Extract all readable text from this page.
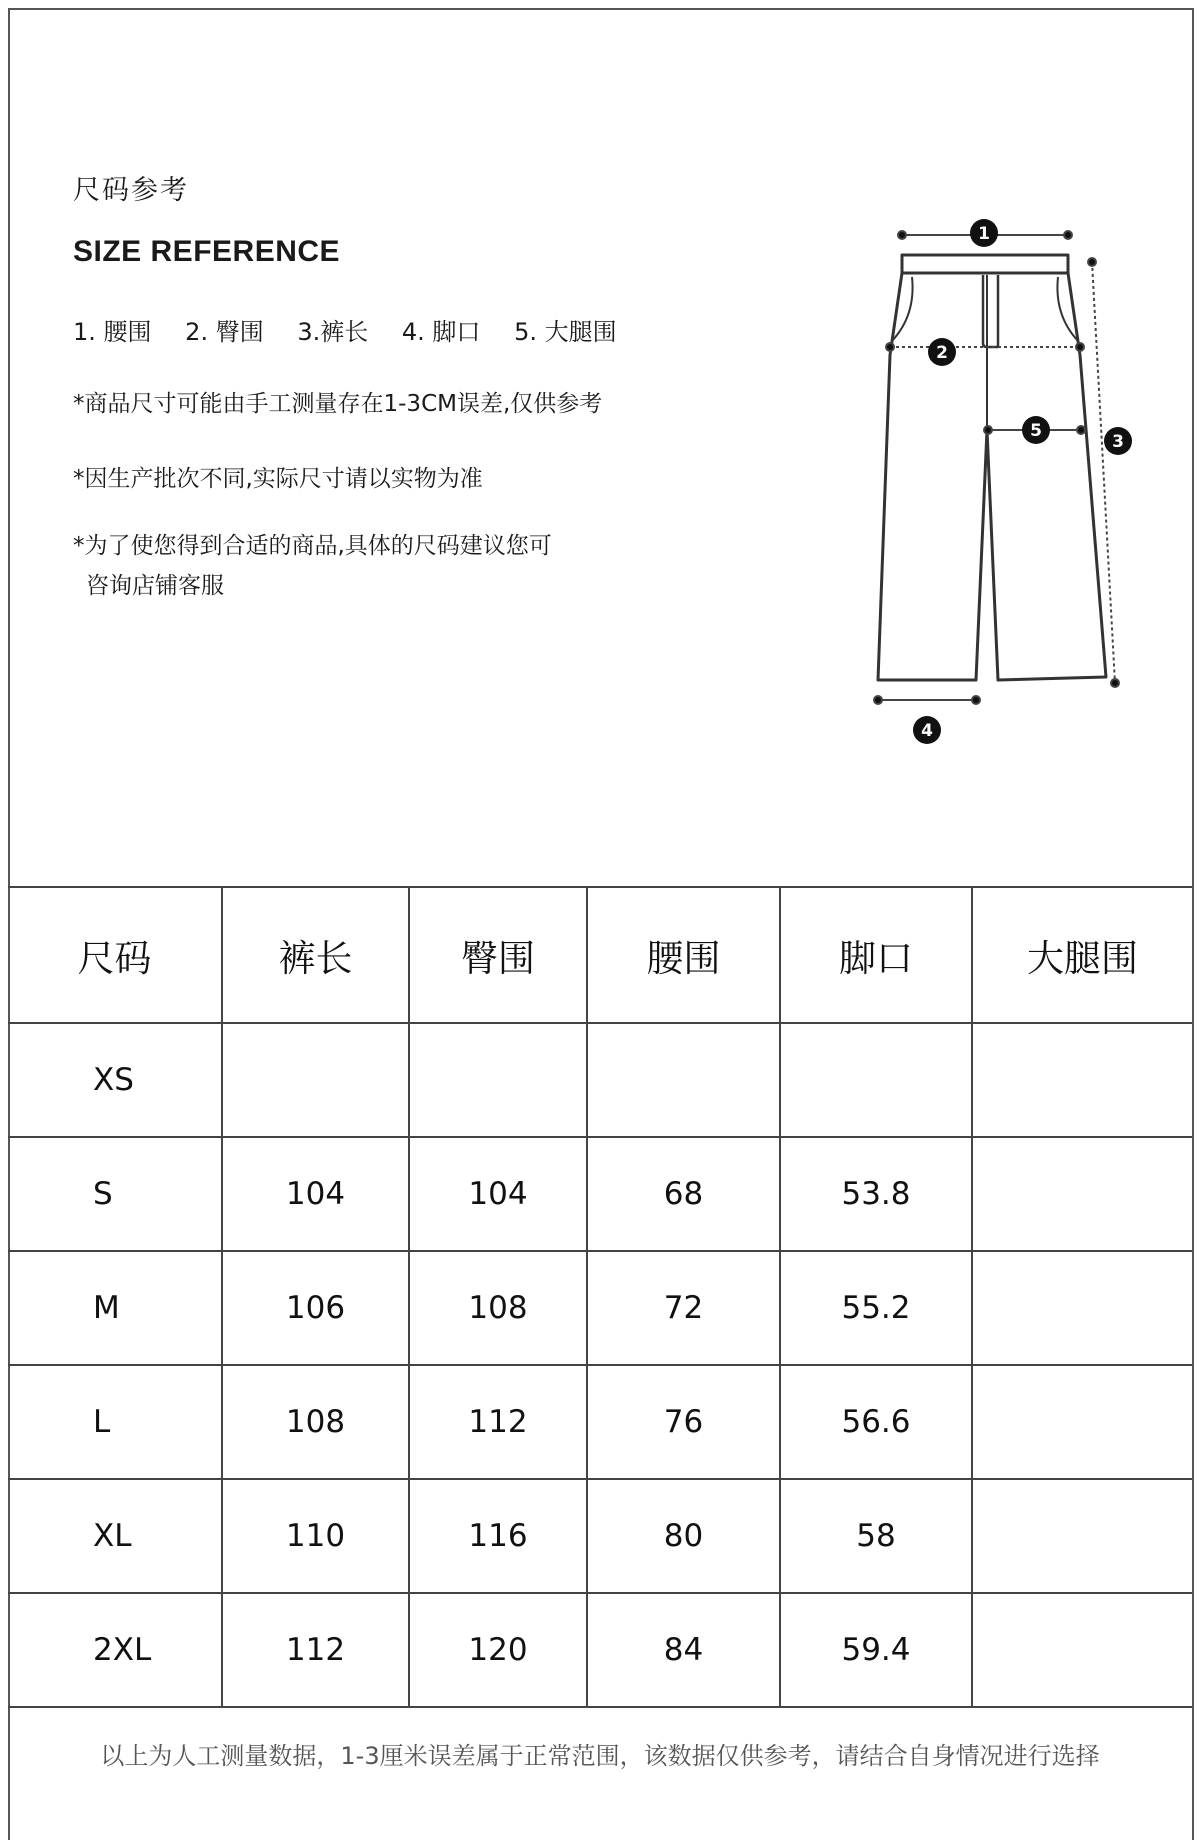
尺码参考
SIZE REFERENCE
1. 腰围 2. 臀围 3.裤长 4. 脚口 5. 大腿围
*商品尺寸可能由手工测量存在1-3CM误差,仅供参考
*因生产批次不同,实际尺寸请以实物为准
*为了使您得到合适的商品,具体的尺码建议您可
咨询店铺客服
1
2
3
4
5
尺码	裤长	臀围	腰围	脚口	大腿围
XS					
S	104	104	68	53.8	
M	106	108	72	55.2	
L	108	112	76	56.6	
XL	110	116	80	58	
2XL	112	120	84	59.4	
以上为人工测量数据，1-3厘米误差属于正常范围，该数据仅供参考，请结合自身情况进行选择
